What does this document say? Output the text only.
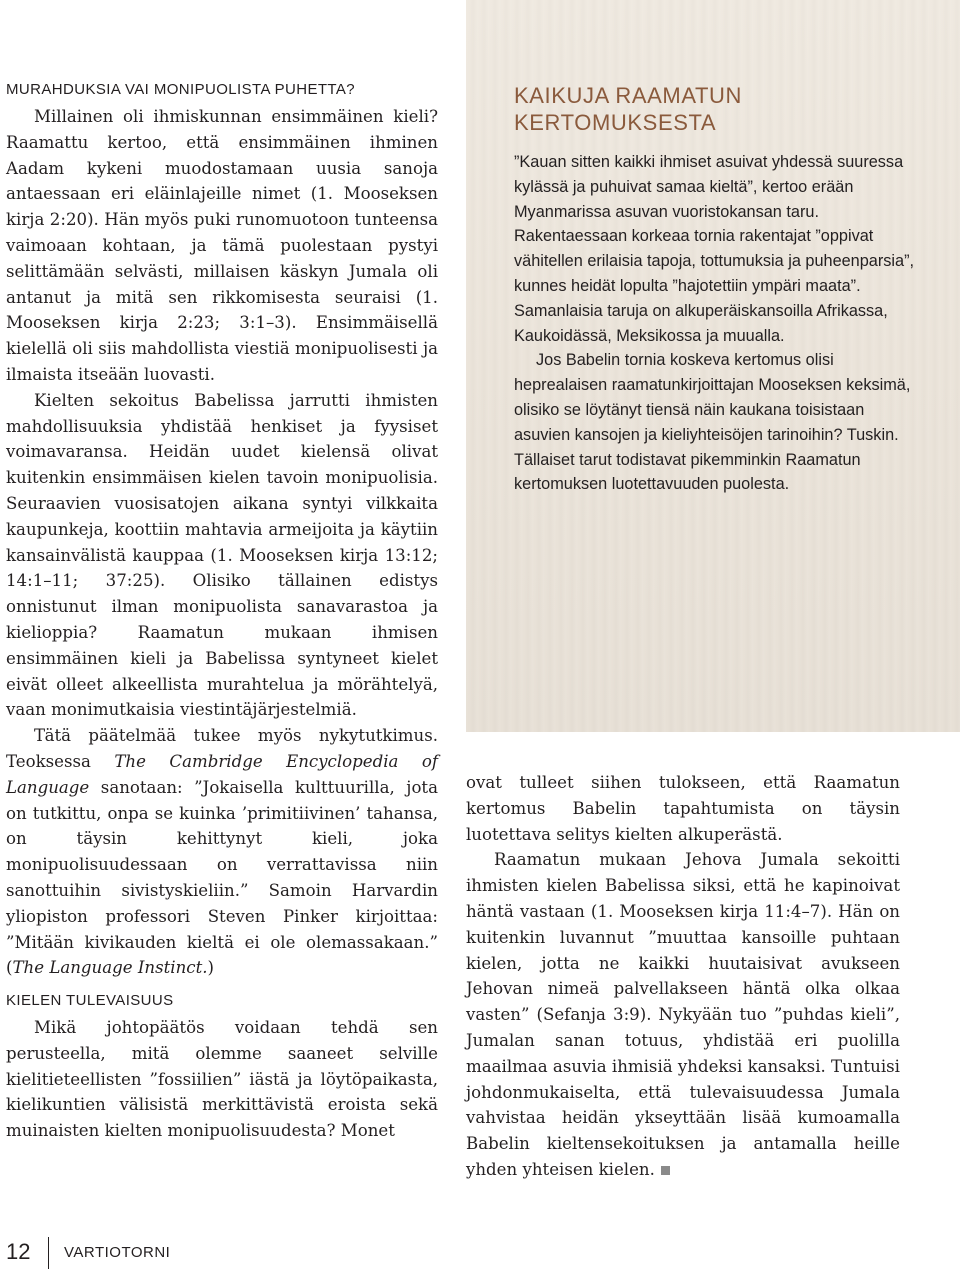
MURAHDUKSIA VAI MONIPUOLISTA PUHETTA?

Millainen oli ihmiskunnan ensimmäinen kieli? Raamattu kertoo, että ensimmäinen ihminen Aadam kykeni muodostamaan uusia sanoja antaessaan eri eläinlajeille nimet (1. Mooseksen kirja 2:20). Hän myös puki runomuotoon tunteensa vaimoaan kohtaan, ja tämä puolestaan pystyi selittämään selvästi, millaisen käskyn Jumala oli antanut ja mitä sen rikkomisesta seuraisi (1. Mooseksen kirja 2:23; 3:1–3). Ensimmäisellä kielellä oli siis mahdollista viestiä monipuolisesti ja ilmaista itseään luovasti.

Kielten sekoitus Babelissa jarrutti ihmisten mahdollisuuksia yhdistää henkiset ja fyysiset voimavaransa. Heidän uudet kielensä olivat kuitenkin ensimmäisen kielen tavoin monipuolisia. Seuraavien vuosisatojen aikana syntyi vilkkaita kaupunkeja, koottiin mahtavia armeijoita ja käytiin kansainvälistä kauppaa (1. Mooseksen kirja 13:12; 14:1–11; 37:25). Olisiko tällainen edistys onnistunut ilman monipuolista sanavarastoa ja kielioppia? Raamatun mukaan ihmisen ensimmäinen kieli ja Babelissa syntyneet kielet eivät olleet alkeellista murahtelua ja mörähtelyä, vaan monimutkaisia viestintäjärjestelmiä.

Tätä päätelmää tukee myös nykytutkimus. Teoksessa The Cambridge Encyclopedia of Language sanotaan: ”Jokaisella kulttuurilla, jota on tutkittu, onpa se kuinka ’primitiivinen’ tahansa, on täysin kehittynyt kieli, joka monipuolisuudessaan on verrattavissa niin sanottuihin sivistyskieliin.” Samoin Harvardin yliopiston professori Steven Pinker kirjoittaa: ”Mitään kivikauden kieltä ei ole olemassakaan.” (The Language Instinct.)

KIELEN TULEVAISUUS

Mikä johtopäätös voidaan tehdä sen perusteella, mitä olemme saaneet selville kielitieteellisten ”fossiilien” iästä ja löytöpaikasta, kielikuntien välisistä merkittävistä eroista sekä muinaisten kielten monipuolisuudesta? Monet

KAIKUJA RAAMATUN KERTOMUKSESTA

”Kauan sitten kaikki ihmiset asuivat yhdessä suuressa kylässä ja puhuivat samaa kieltä”, kertoo erään Myanmarissa asuvan vuoristokansan taru. Rakentaessaan korkeaa tornia rakentajat ”oppivat vähitellen erilaisia tapoja, tottumuksia ja puheenparsia”, kunnes heidät lopulta ”hajotettiin ympäri maata”. Samanlaisia taruja on alkuperäiskansoilla Afrikassa, Kaukoidässä, Meksikossa ja muualla.

Jos Babelin tornia koskeva kertomus olisi heprealaisen raamatunkirjoittajan Mooseksen keksimä, olisiko se löytänyt tiensä näin kaukana toisistaan asuvien kansojen ja kieliyhteisöjen tarinoihin? Tuskin. Tällaiset tarut todistavat pikemminkin Raamatun kertomuksen luotettavuuden puolesta.

ovat tulleet siihen tulokseen, että Raamatun kertomus Babelin tapahtumista on täysin luotettava selitys kielten alkuperästä.

Raamatun mukaan Jehova Jumala sekoitti ihmisten kielen Babelissa siksi, että he kapinoivat häntä vastaan (1. Mooseksen kirja 11:4–7). Hän on kuitenkin luvannut ”muuttaa kansoille puhtaan kielen, jotta ne kaikki huutaisivat avukseen Jehovan nimeä palvellakseen häntä olka olkaa vasten” (Sefanja 3:9). Nykyään tuo ”puhdas kieli”, Jumalan sanan totuus, yhdistää eri puolilla maailmaa asuvia ihmisiä yhdeksi kansaksi. Tuntuisi johdonmukaiselta, että tulevaisuudessa Jumala vahvistaa heidän ykseyttään lisää kumoamalla Babelin kieltensekoituksen ja antamalla heille yhden yhteisen kielen.

12 VARTIOTORNI
